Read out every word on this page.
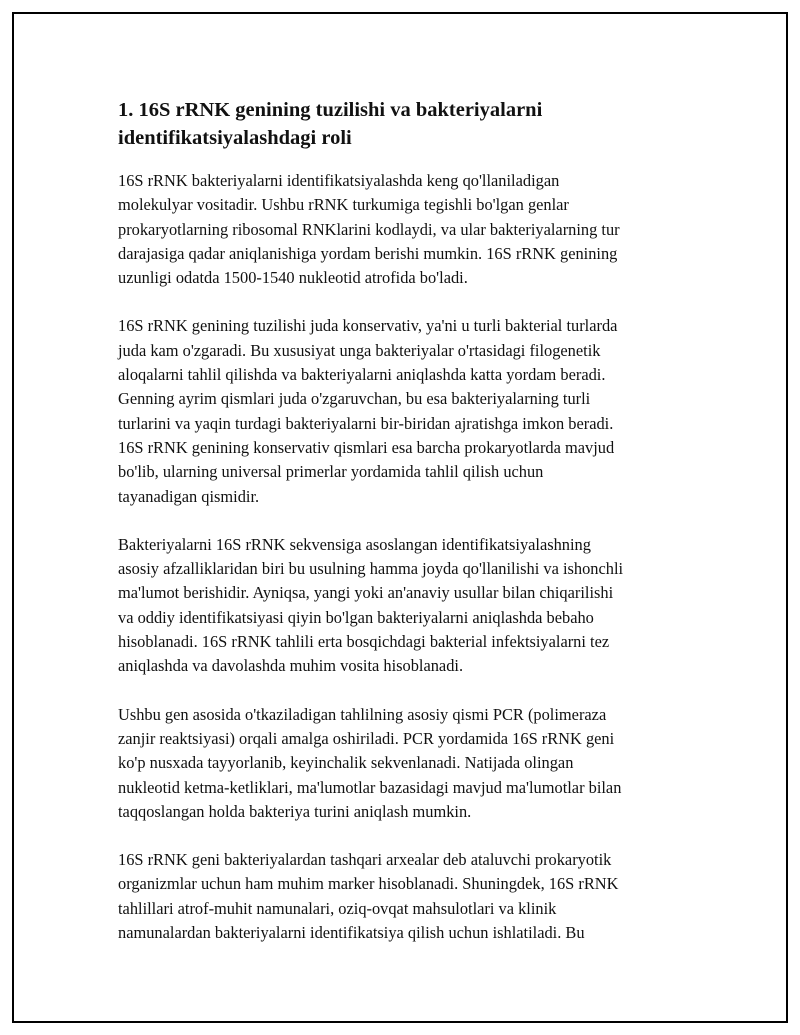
1. 16S rRNK genining tuzilishi va bakteriyalarni
identifikatsiyalashdagi roli

16S rRNK bakteriyalarni identifikatsiyalashda keng qo'llaniladigan
molekulyar vositadir. Ushbu rRNK turkumiga tegishli bo'lgan genlar
prokaryotlarning ribosomal RNKlarini kodlaydi, va ular bakteriyalarning tur
darajasiga qadar aniqlanishiga yordam berishi mumkin. 16S rRNK genining
uzunligi odatda 1500-1540 nukleotid atrofida bo'ladi.

16S rRNK genining tuzilishi juda konservativ, ya'ni u turli bakterial turlarda
juda kam o'zgaradi. Bu xususiyat unga bakteriyalar o'rtasidagi filogenetik
aloqalarni tahlil qilishda va bakteriyalarni aniqlashda katta yordam beradi.
Genning ayrim qismlari juda o'zgaruvchan, bu esa bakteriyalarning turli
turlarini va yaqin turdagi bakteriyalarni bir-biridan ajratishga imkon beradi.
16S rRNK genining konservativ qismlari esa barcha prokaryotlarda mavjud
bo'lib, ularning universal primerlar yordamida tahlil qilish uchun
tayanadigan qismidir.

Bakteriyalarni 16S rRNK sekvensiga asoslangan identifikatsiyalashning
asosiy afzalliklaridan biri bu usulning hamma joyda qo'llanilishi va ishonchli
ma'lumot berishidir. Ayniqsa, yangi yoki an'anaviy usullar bilan chiqarilishi
va oddiy identifikatsiyasi qiyin bo'lgan bakteriyalarni aniqlashda bebaho
hisoblanadi. 16S rRNK tahlili erta bosqichdagi bakterial infektsiyalarni tez
aniqlashda va davolashda muhim vosita hisoblanadi.

Ushbu gen asosida o'tkaziladigan tahlilning asosiy qismi PCR (polimeraza
zanjir reaktsiyasi) orqali amalga oshiriladi. PCR yordamida 16S rRNK geni
ko'p nusxada tayyorlanib, keyinchalik sekvenlanadi. Natijada olingan
nukleotid ketma-ketliklari, ma'lumotlar bazasidagi mavjud ma'lumotlar bilan
taqqoslangan holda bakteriya turini aniqlash mumkin.

16S rRNK geni bakteriyalardan tashqari arxealar deb ataluvchi prokaryotik
organizmlar uchun ham muhim marker hisoblanadi. Shuningdek, 16S rRNK
tahlillari atrof-muhit namunalari, oziq-ovqat mahsulotlari va klinik
namunalardan bakteriyalarni identifikatsiya qilish uchun ishlatiladi. Bu
